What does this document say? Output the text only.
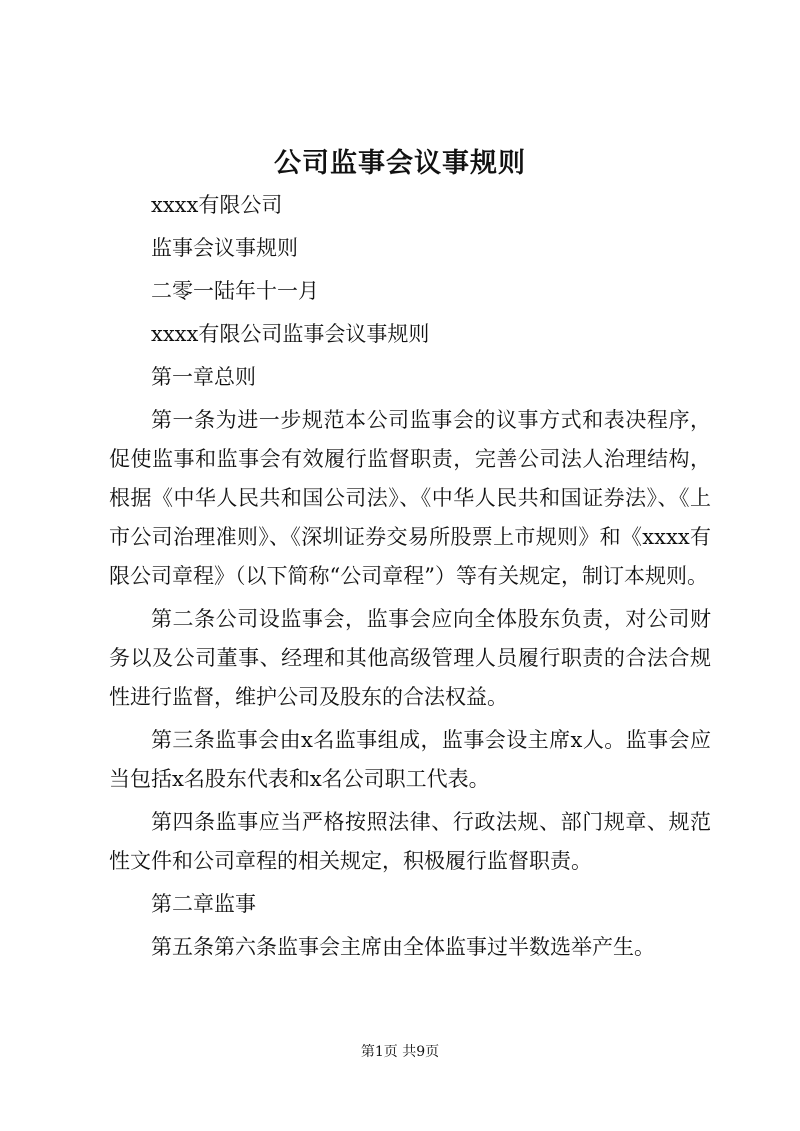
公司监事会议事规则

xxxx有限公司

监事会议事规则

二零一陆年十一月

xxxx有限公司监事会议事规则

第一章总则

第一条为进一步规范本公司监事会的议事方式和表决程序，促使监事和监事会有效履行监督职责，完善公司法人治理结构，根据《中华人民共和国公司法》、《中华人民共和国证券法》、《上市公司治理准则》、《深圳证券交易所股票上市规则》和《xxxx有限公司章程》（以下简称“公司章程”）等有关规定，制订本规则。

第二条公司设监事会，监事会应向全体股东负责，对公司财务以及公司董事、经理和其他高级管理人员履行职责的合法合规性进行监督，维护公司及股东的合法权益。

第三条监事会由x名监事组成，监事会设主席x人。监事会应当包括x名股东代表和x名公司职工代表。

第四条监事应当严格按照法律、行政法规、部门规章、规范性文件和公司章程的相关规定，积极履行监督职责。

第二章监事

第五条第六条监事会主席由全体监事过半数选举产生。

第1页 共9页
